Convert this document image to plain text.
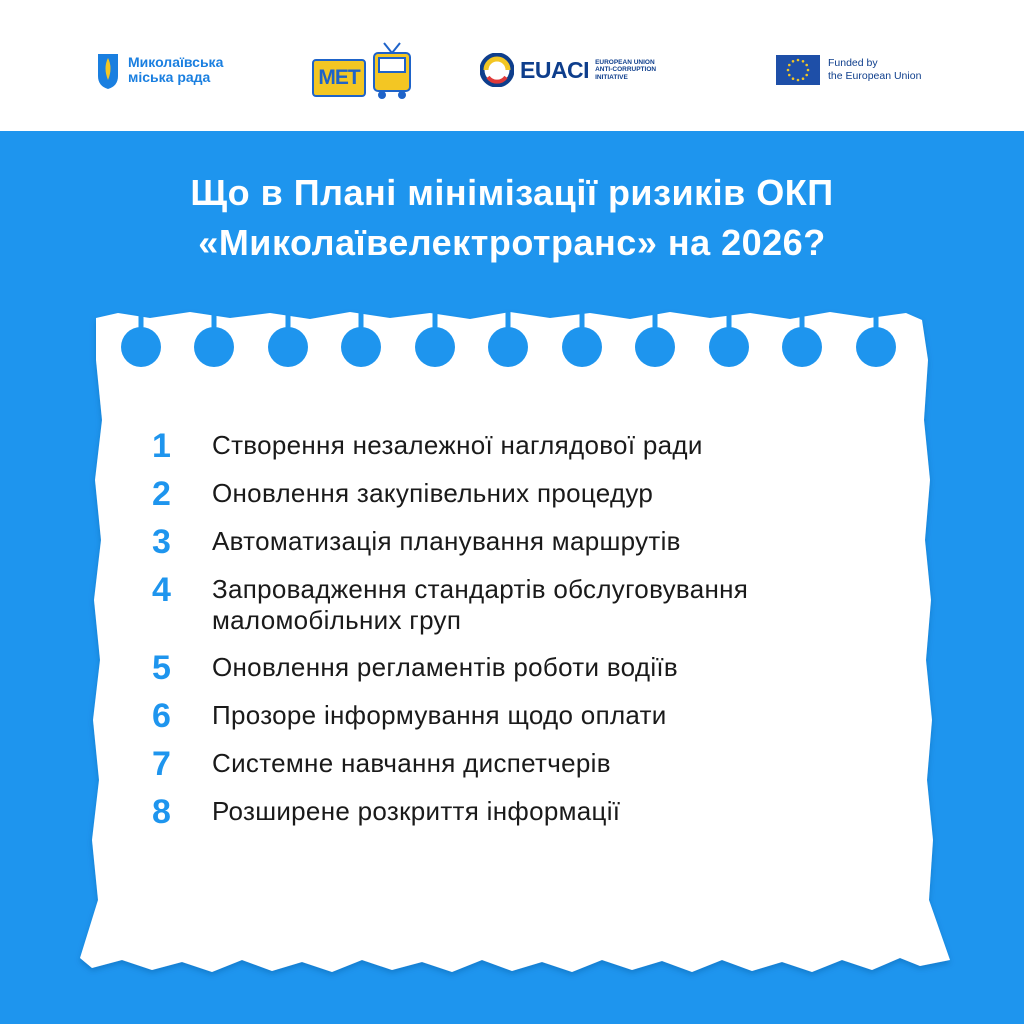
Миколаївська
міська рада	МЕТ	EUACI EUROPEAN UNION
ANTI-CORRUPTION
INITIATIVE
Funded by
the European Union
Що в Плані мінімізації ризиків ОКП «Миколаївелектротранс» на 2026?
1	Створення незалежної наглядової ради
2	Оновлення закупівельних процедур
3	Автоматизація планування маршрутів
4	Запровадження стандартів обслуговування маломобільних груп
5	Оновлення регламентів роботи водіїв
6	Прозоре інформування щодо оплати
7	Системне навчання диспетчерів
8	Розширене розкриття інформації
